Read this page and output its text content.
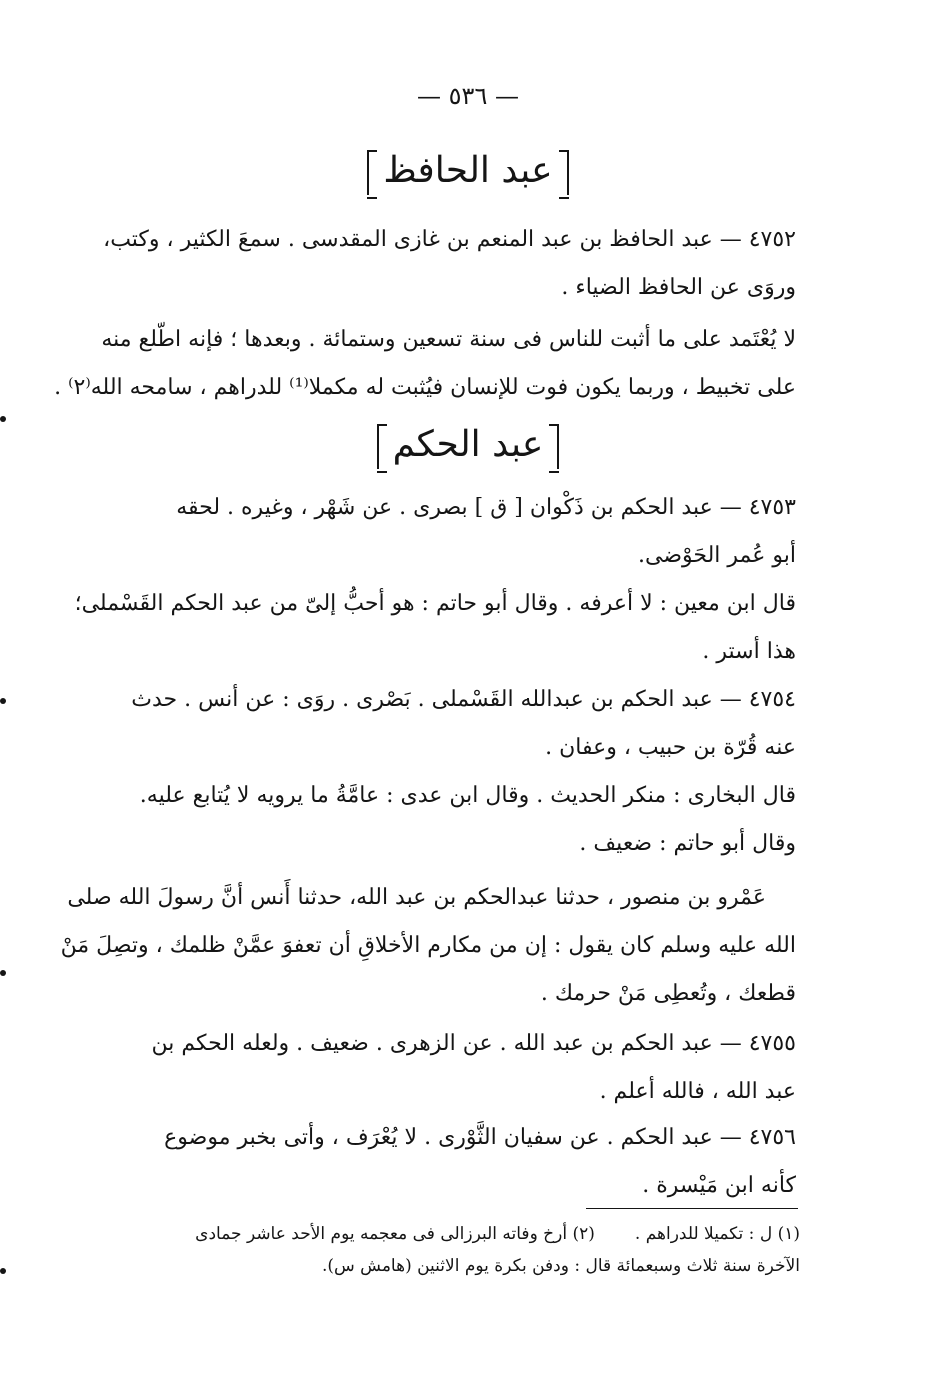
— ٥٣٦ —
عبد الحافظ
٤٧٥٢ — عبد الحافظ بن عبد المنعم بن غازى المقدسى . سمعَ الكثير ، وكتب،
وروَى عن الحافظ الضياء .
لا يُعْتَمد على ما أثبت للناس فى سنة تسعين وستمائة . وبعدها ؛ فإنه اطّلع منه
على تخبيط ، وربما يكون فوت للإنسان فيُثبت له مكملا⁽¹⁾ للدراهم ، سامحه الله⁽٢⁾ .
عبد الحكم
٤٧٥٣ — عبد الحكم بن ذَكْوان [ ق ] بصرى . عن شَهْر ، وغيره . لحقه
أبو عُمر الحَوْضى.
قال ابن معين : لا أعرفه . وقال أبو حاتم : هو أحبُّ إلىّ من عبد الحكم القَسْملى؛
هذا أستر .
٤٧٥٤ — عبد الحكم بن عبدالله القَسْملى . بَصْرى . روَى : عن أنس . حدث
عنه قُرّة بن حبيب ، وعفان .
قال البخارى : منكر الحديث . وقال ابن عدى : عامَّةُ ما يرويه لا يُتابع عليه.
وقال أبو حاتم : ضعيف .
عَمْرو بن منصور ، حدثنا عبدالحكم بن عبد الله، حدثنا أَنس أنَّ رسولَ الله صلى
الله عليه وسلم كان يقول : إن من مكارم الأخلاقِ أن تعفوَ عمَّنْ ظلمك ، وتصِلَ مَنْ
قطعك ، وتُعطِى مَنْ حرمك .
٤٧٥٥ — عبد الحكم بن عبد الله . عن الزهرى . ضعيف . ولعله الحكم بن
عبد الله ، فالله أعلم .
٤٧٥٦ — عبد الحكم . عن سفيان الثَّوْرى . لا يُعْرَف ، وأتى بخبر موضوع
كأنه ابن مَيْسرة .
(١) ل : تكميلا للدراهم .(٢) أرخ وفاته البرزالى فى معجمه يوم الأحد عاشر جمادى
الآخرة سنة ثلاث وسبعمائة قال : ودفن بكرة يوم الاثنين (هامش س).
